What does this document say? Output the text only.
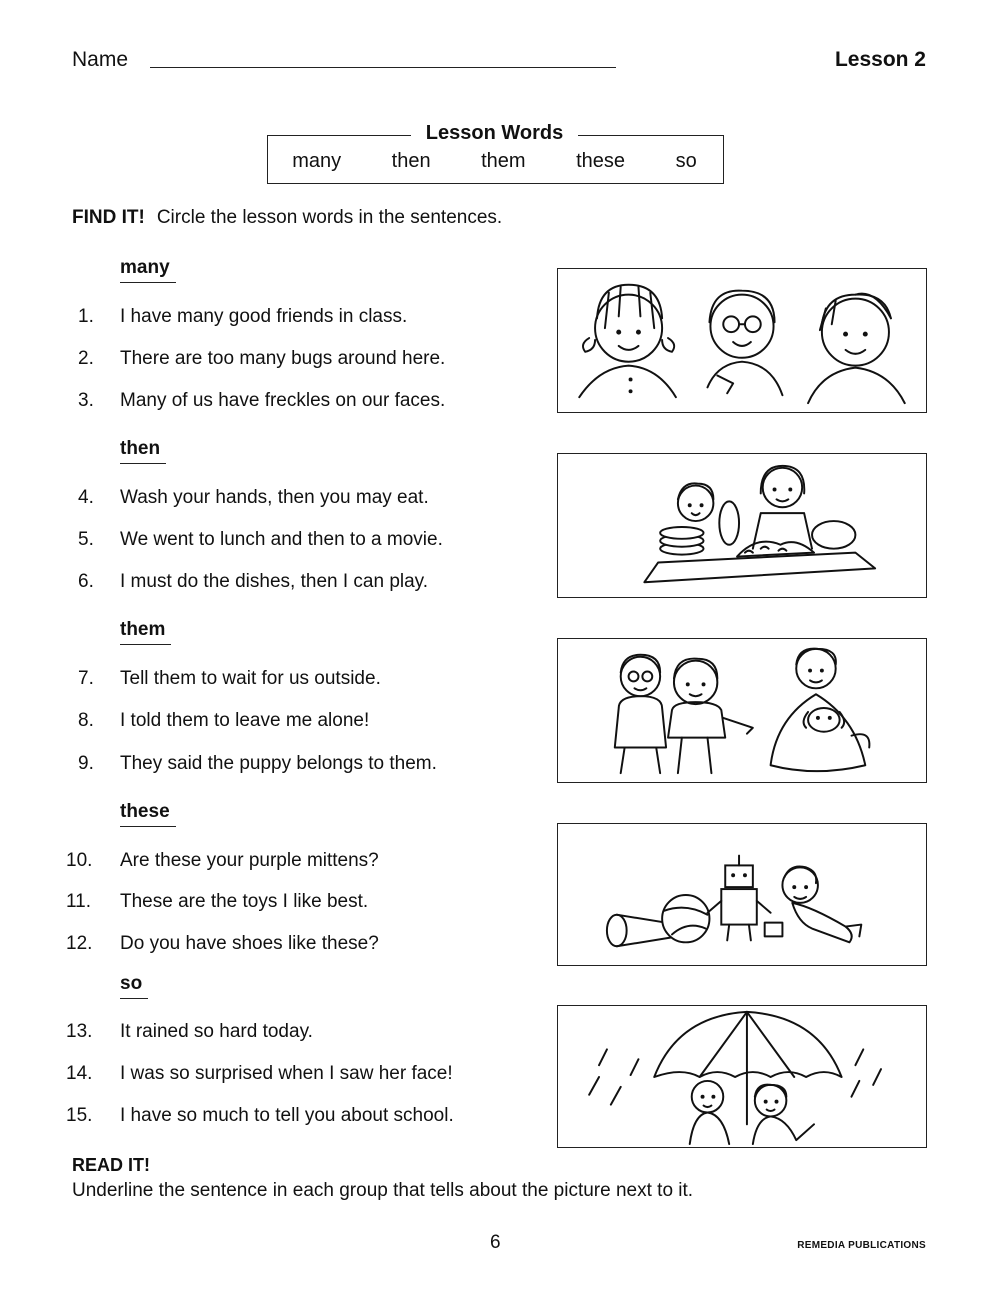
Name	Lesson 2
Lesson Words
many	then	them	these	so
FIND IT! Circle the lesson words in the sentences.
many
1. I have many good friends in class.
2. There are too many bugs around here.
3. Many of us have freckles on our faces.
then
4. Wash your hands, then you may eat.
5. We went to lunch and then to a movie.
6. I must do the dishes, then I can play.
them
7. Tell them to wait for us outside.
8. I told them to leave me alone!
9. They said the puppy belongs to them.
these
10. Are these your purple mittens?
11. These are the toys I like best.
12. Do you have shoes like these?
so
13. It rained so hard today.
14. I was so surprised when I saw her face!
15. I have so much to tell you about school.
READ IT!
Underline the sentence in each group that tells about the picture next to it.
6	REMEDIA PUBLICATIONS
